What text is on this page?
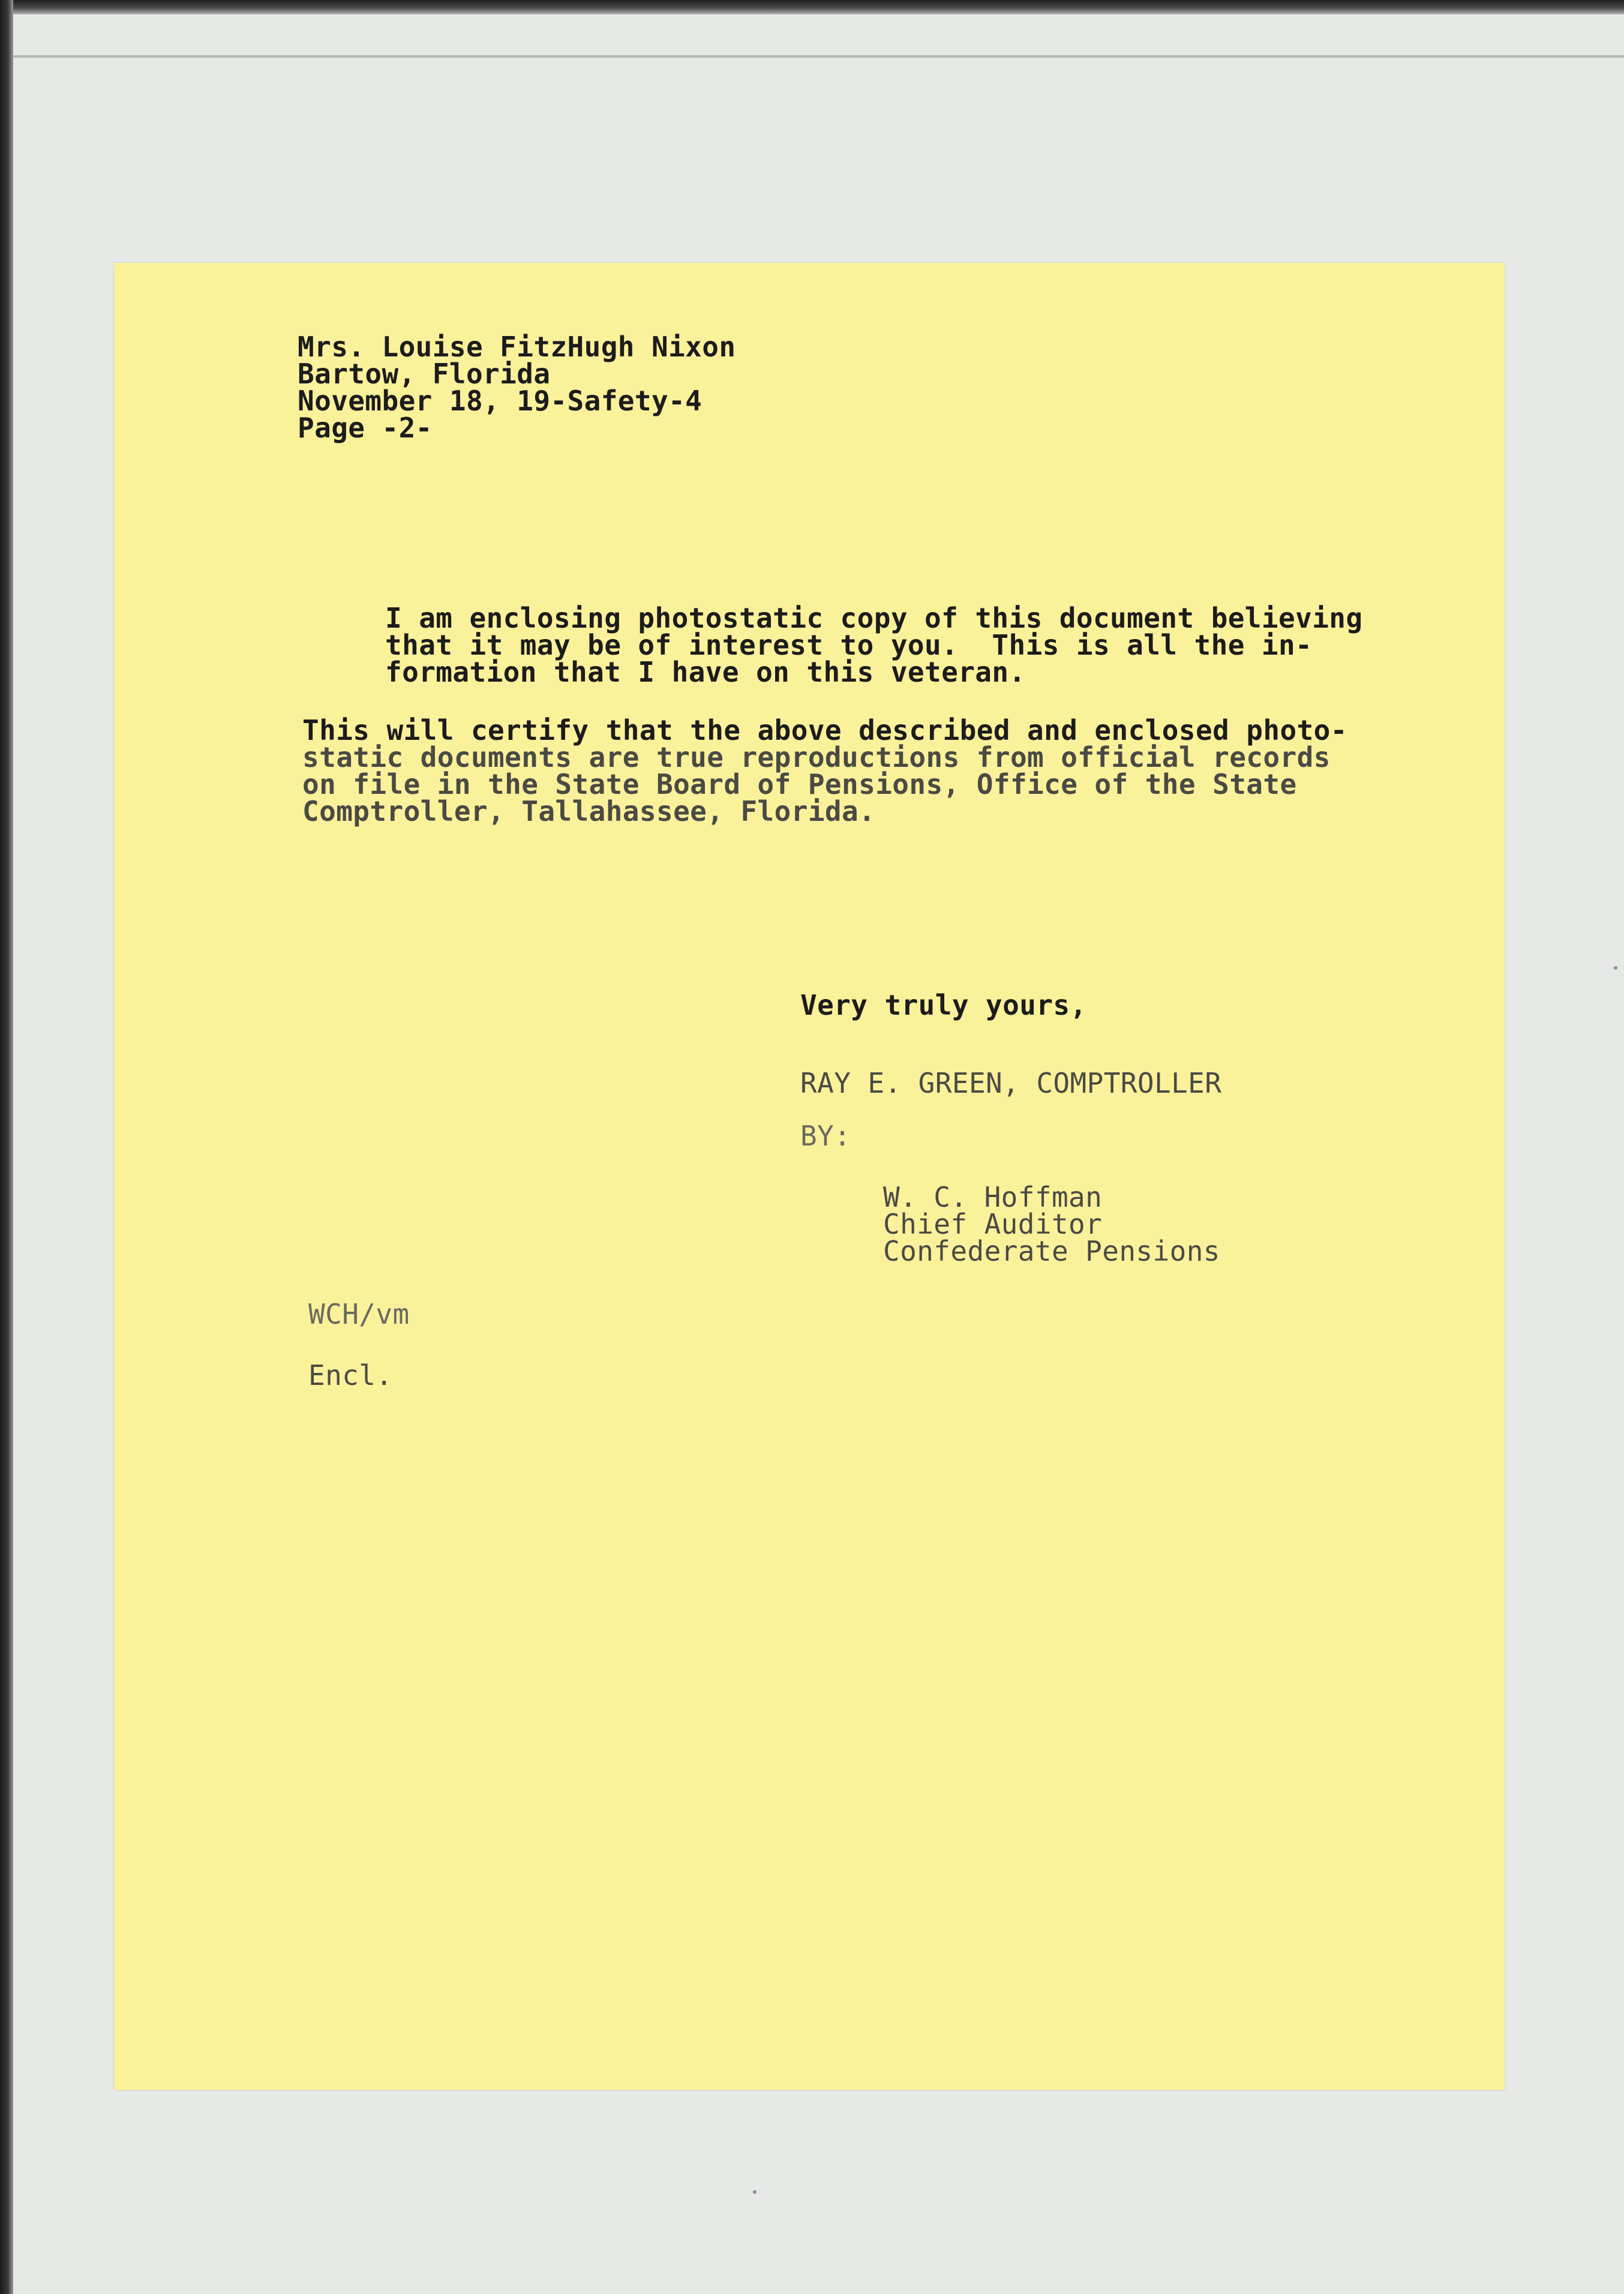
Mrs. Louise FitzHugh Nixon
Bartow, Florida
November 18, 19-Safety-4
Page -2-
I am enclosing photostatic copy of this document believing
that it may be of interest to you.  This is all the in-
formation that I have on this veteran.
This will certify that the above described and enclosed photo-
static documents are true reproductions from official records
on file in the State Board of Pensions, Office of the State
Comptroller, Tallahassee, Florida.
Very truly yours,
RAY E. GREEN, COMPTROLLER
BY:
W. C. Hoffman
Chief Auditor
Confederate Pensions
WCH/vm
Encl.
